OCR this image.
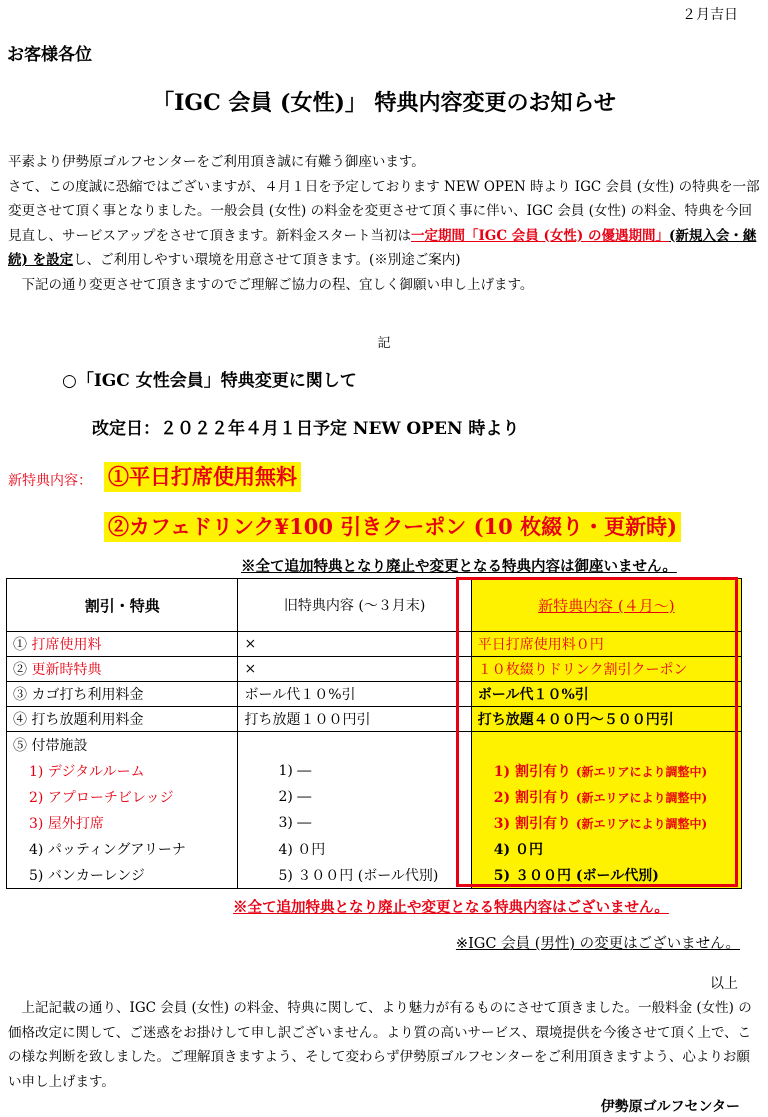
２月吉日
お客様各位
「IGC 会員 (女性)」 特典内容変更のお知らせ

平素より伊勢原ゴルフセンターをご利用頂き誠に有難う御座います。

さて、この度誠に恐縮ではございますが、４月１日を予定しております NEW OPEN 時より IGC 会員 (女性) の特典を一部変更させて頂く事となりました。一般会員 (女性) の料金を変更させて頂く事に伴い、IGC 会員 (女性) の料金、特典を今回見直し、サービスアップをさせて頂きます。新料金スタート当初は一定期間「IGC 会員 (女性) の優遇期間」(新規入会・継続) を設定し、ご利用しやすい環境を用意させて頂きます。(※別途ご案内)

下記の通り変更させて頂きますのでご理解ご協力の程、宜しく御願い申し上げます。

記
○「IGC 女性会員」特典変更に関して
改定日：２０２２年４月１日予定 NEW OPEN 時より
新特典内容： ①平日打席使用無料
②カフェドリンク¥100 引きクーポン (10 枚綴り・更新時)
※全て追加特典となり廃止や変更となる特典内容は御座いません。
割引・特典	旧特典内容 (～３月末)	新特典内容 (４月～)
① 打席使用料	×	平日打席使用料０円
② 更新時特典	×	１０枚綴りドリンク割引クーポン
③ カゴ打ち利用料金	ボール代１０%引	ボール代１０%引
④ 打ち放題利用料金	打ち放題１００円引	打ち放題４００円～５００円引
⑤ 付帯施設		
1) デジタルルーム	1) ―	1) 割引有り (新エリアにより調整中)
2) アプローチビレッジ	2) ―	2) 割引有り (新エリアにより調整中)
3) 屋外打席	3) ―	3) 割引有り (新エリアにより調整中)
4) パッティングアリーナ	4) ０円	4) ０円
5) バンカーレンジ	5) ３００円 (ボール代別)	5) ３００円 (ボール代別)
※全て追加特典となり廃止や変更となる特典内容はございません。
※IGC 会員 (男性) の変更はございません。
以上
上記記載の通り、IGC 会員 (女性) の料金、特典に関して、より魅力が有るものにさせて頂きました。一般料金 (女性) の価格改定に関して、ご迷惑をお掛けして申し訳ございません。より質の高いサービス、環境提供を今後させて頂く上で、この様な判断を致しました。ご理解頂きますよう、そして変わらず伊勢原ゴルフセンターをご利用頂きますよう、心よりお願い申し上げます。
伊勢原ゴルフセンター
